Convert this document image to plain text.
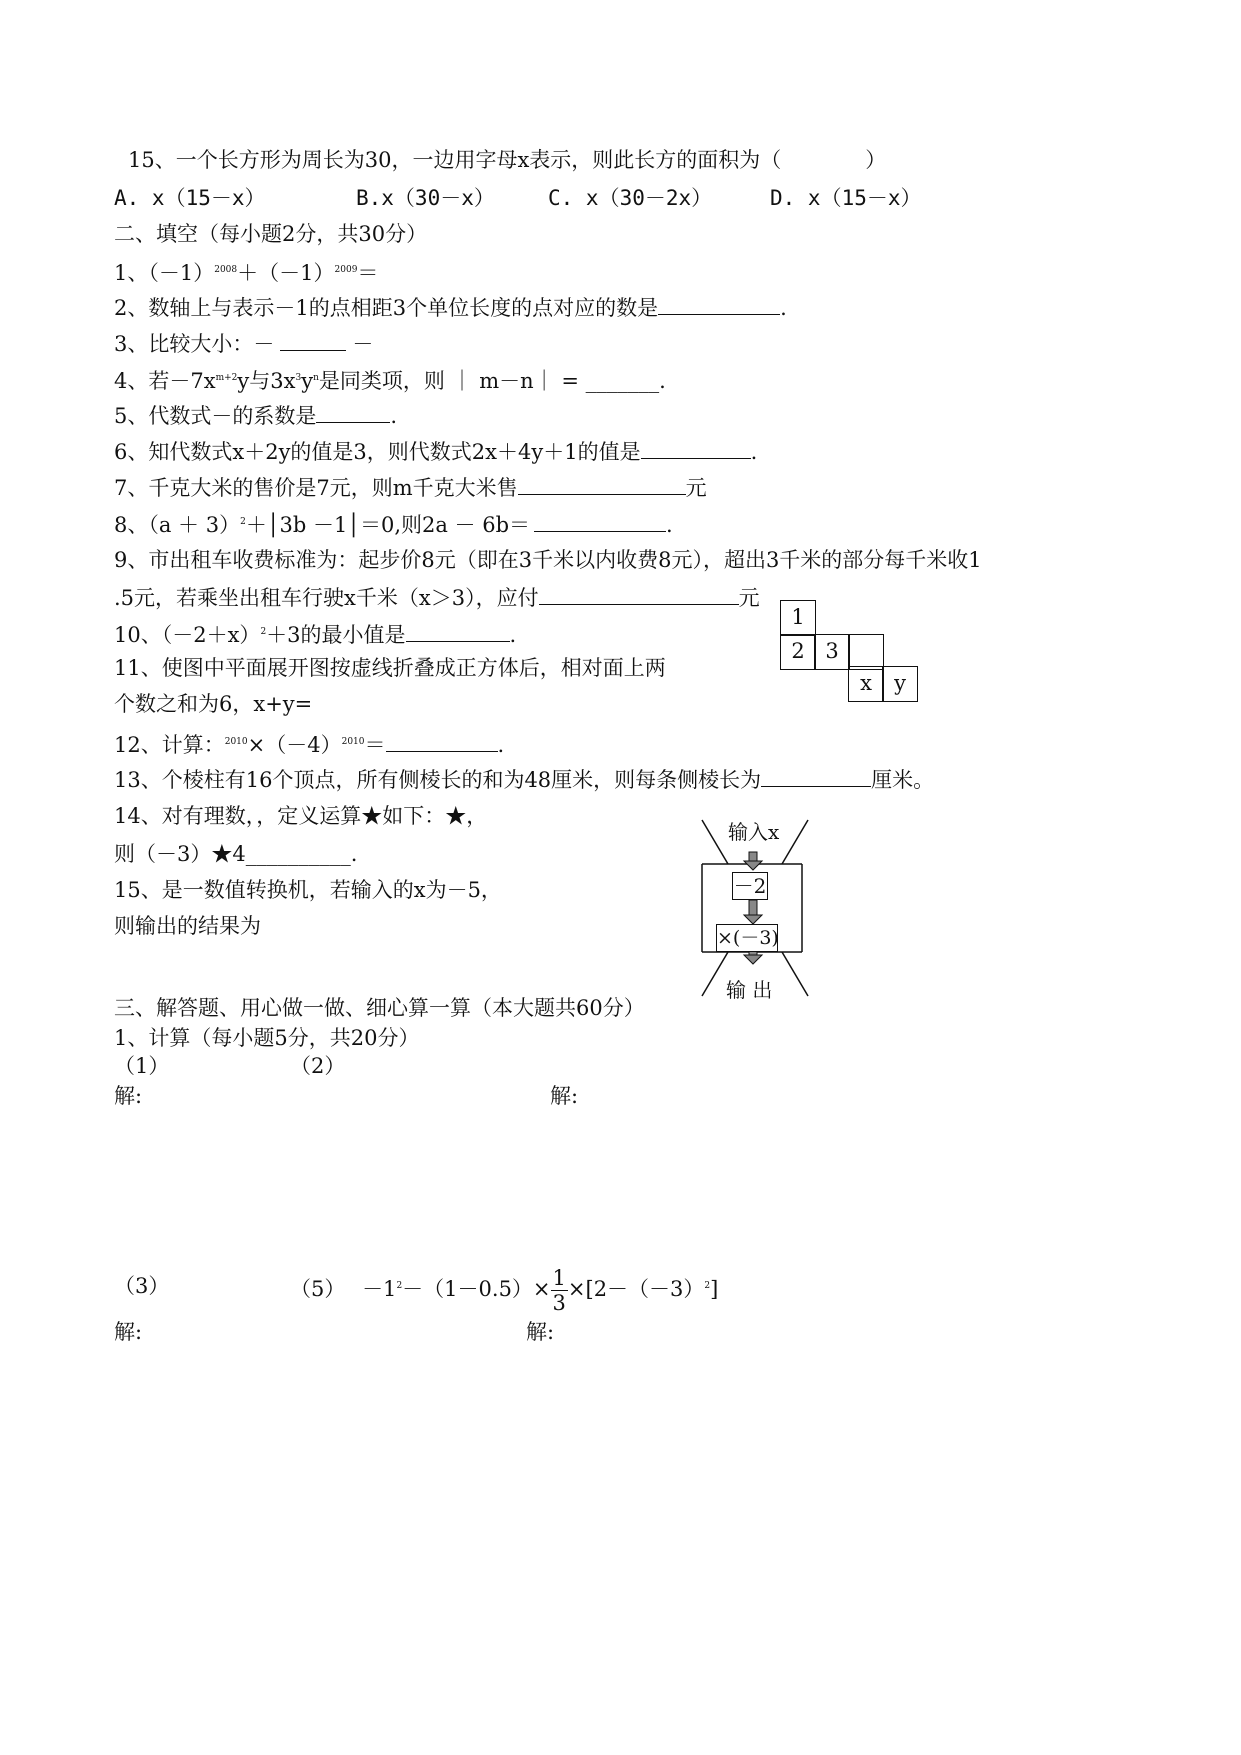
15、一个长方形为周长为30，一边用字母x表示，则此长方的面积为（　　　　）
A. x（15－x）	B.x（30－x）	C. x（30－2x）	D. x（15－x）
二、填空（每小题2分，共30分）
1、$(-1)^{2008}+(-1)^{2009}=$
2、数轴上与表示－1的点相距3个单位长度的点对应的数是	.
3、比较大小：－	－
4、若$-7x^{m+2}y$与$3x^3y^n$是同类项，则 ｜ m－n｜ = _______.
5、代数式－的系数是	.
6、知代数式x＋2y的值是3，则代数式2x＋4y＋1的值是	.
7、千克大米的售价是7元，则m千克大米售	元
8、$(a + 3)^2+│3b$ －1│＝0,则2a － 6b＝	.
9、市出租车收费标准为：起步价8元（即在3千米以内收费8元），超出3千米的部分每千米收1
.5元，若乘坐出租车行驶x千米（x＞3），应付	元
10、$(-2+x)^2+3$的最小值是	.
11、使图中平面展开图按虚线折叠成正方体后，相对面上两
个数之和为6，x+y=
12、计算：$^{2010}\times(-4)^{2010}=$	.
13、个棱柱有16个顶点，所有侧棱长的和为48厘米，则每条侧棱长为	厘米。
14、对有理数，，定义运算★如下：★，
则（－3）★4__________.
15、是一数值转换机，若输入的x为－5，
则输出的结果为
1
2 3
x	y
输入x
－2
×(－3)
输 出
三、解答题、用心做一做、细心算一算（本大题共60分）
1、计算（每小题5分，共20分）
（1）	（2）
解:	解:
（3）	$(5) -1^2-(1-0.5)\times \frac{1}{3} \times[2-(-3)^2]$
解:	解:
